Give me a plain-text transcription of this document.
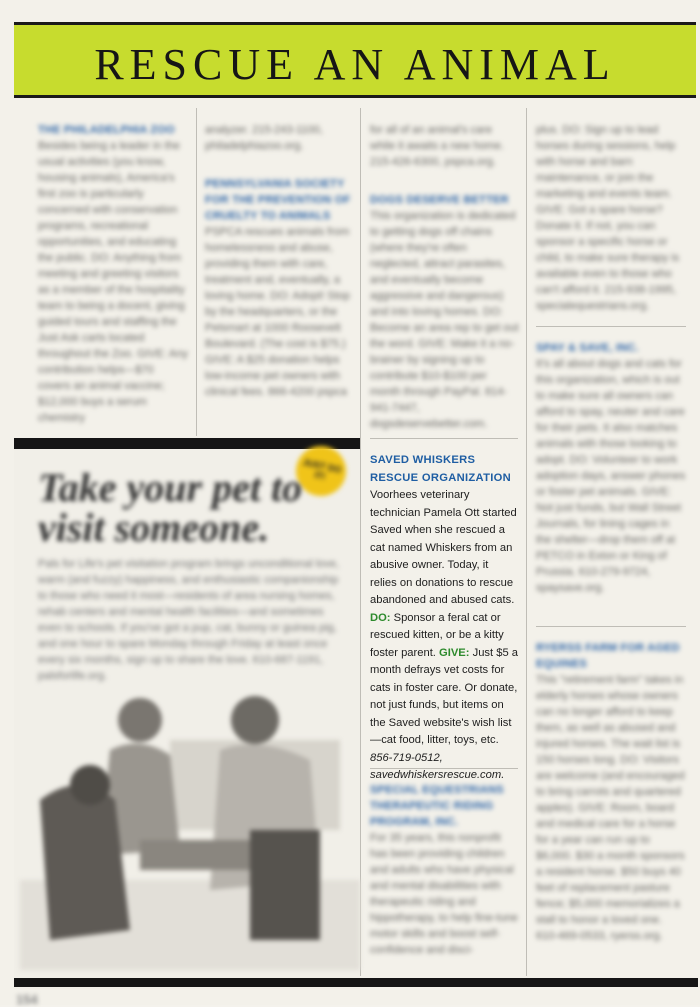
RESCUE AN ANIMAL
THE PHILADELPHIA ZOO
Besides being a leader in the usual activities (you know, housing animals), America's first zoo is particularly concerned with conservation programs, recreational opportunities, and educating the public. DO: Anything from meeting and greeting visitors as a member of the hospitality team to being a docent, giving guided tours and staffing the Just Ask carts located throughout the Zoo. GIVE: Any contribution helps—$70 covers an animal vaccine; $12,000 buys a serum chemistry
analyzer. 215-243-1100, philadelphiazoo.org.
PENNSYLVANIA SOCIETY FOR THE PREVENTION OF CRUELTY TO ANIMALS
PSPCA rescues animals from homelessness and abuse, providing them with care, treatment and, eventually, a loving home. DO: Adopt! Stop by the headquarters, or the Petsmart at 1000 Roosevelt Boulevard. (The cost is $75.) GIVE: A $25 donation helps low-income pet owners with clinical fees. 866-4200 pspca
for all of an animal's care while it awaits a new home. 215-426-6300, pspca.org.
DOGS DESERVE BETTER
This organization is dedicated to getting dogs off chains (where they're often neglected, attract parasites, and eventually become aggressive and dangerous) and into loving homes. DO: Become an area rep to get out the word. GIVE: Make it a no-brainer by signing up to contribute $10-$100 per month through PayPal. 814-941-7447, dogsdeservebetter.com.
plus. DO: Sign up to lead horses during sessions, help with horse and barn maintenance, or join the marketing and events team. GIVE: Got a spare horse? Donate it. If not, you can sponsor a specific horse or child, to make sure therapy is available even to those who can't afford it. 215-938-1995, specialequestrians.org.
SPAY & SAVE, INC.
It's all about dogs and cats for this organization, which is out to make sure all owners can afford to spay, neuter and care for their pets. It also matches animals with those looking to adopt. DO: Volunteer to work adoption days, answer phones or foster pet animals. GIVE: Not just funds, but Wall Street Journals, for lining cages in the shelter—drop them off at PETCO in Exton or King of Prussia. 610-279-9724, spaysave.org.
RYERSS FARM FOR AGED EQUINES
This "retirement farm" takes in elderly horses whose owners can no longer afford to keep them, as well as abused and injured horses. The wait list is 150 horses long. DO: Visitors are welcome (and encouraged to bring carrots and quartered apples). GIVE: Room, board and medical care for a horse for a year can run up to $6,000. $30 a month sponsors a resident horse. $50 buys 40 feet of replacement pasture fence; $5,000 memorializes a stall to honor a loved one. 610-469-0533, ryerss.org.
SPECIAL EQUESTRIANS THERAPEUTIC RIDING PROGRAM, INC.
For 35 years, this nonprofit has been providing children and adults who have physical and mental disabilities with therapeutic riding and hippotherapy, to help fine-tune motor skills and boost self-confidence and disci-
JUST DO IT!
Take your pet to visit someone.
Pals for Life's pet visitation program brings unconditional love, warm (and fuzzy) happiness, and enthusiastic companionship to those who need it most—residents of area nursing homes, rehab centers and mental health facilities—and sometimes even to schools. If you've got a pup, cat, bunny or guinea pig, and one hour to spare Monday through Friday at least once every six months, sign up to share the love. 610-687-1191, palsforlife.org.
SAVED WHISKERS RESCUE ORGANIZATION
Voorhees veterinary technician Pamela Ott started Saved when she rescued a cat named Whiskers from an abusive owner. Today, it relies on donations to rescue abandoned and abused cats. DO: Sponsor a feral cat or rescued kitten, or be a kitty foster parent. GIVE: Just $5 a month defrays vet costs for cats in foster care. Or donate, not just funds, but items on the Saved website's wish list—cat food, litter, toys, etc. 856-719-0512, savedwhiskersrescue.com.
154
